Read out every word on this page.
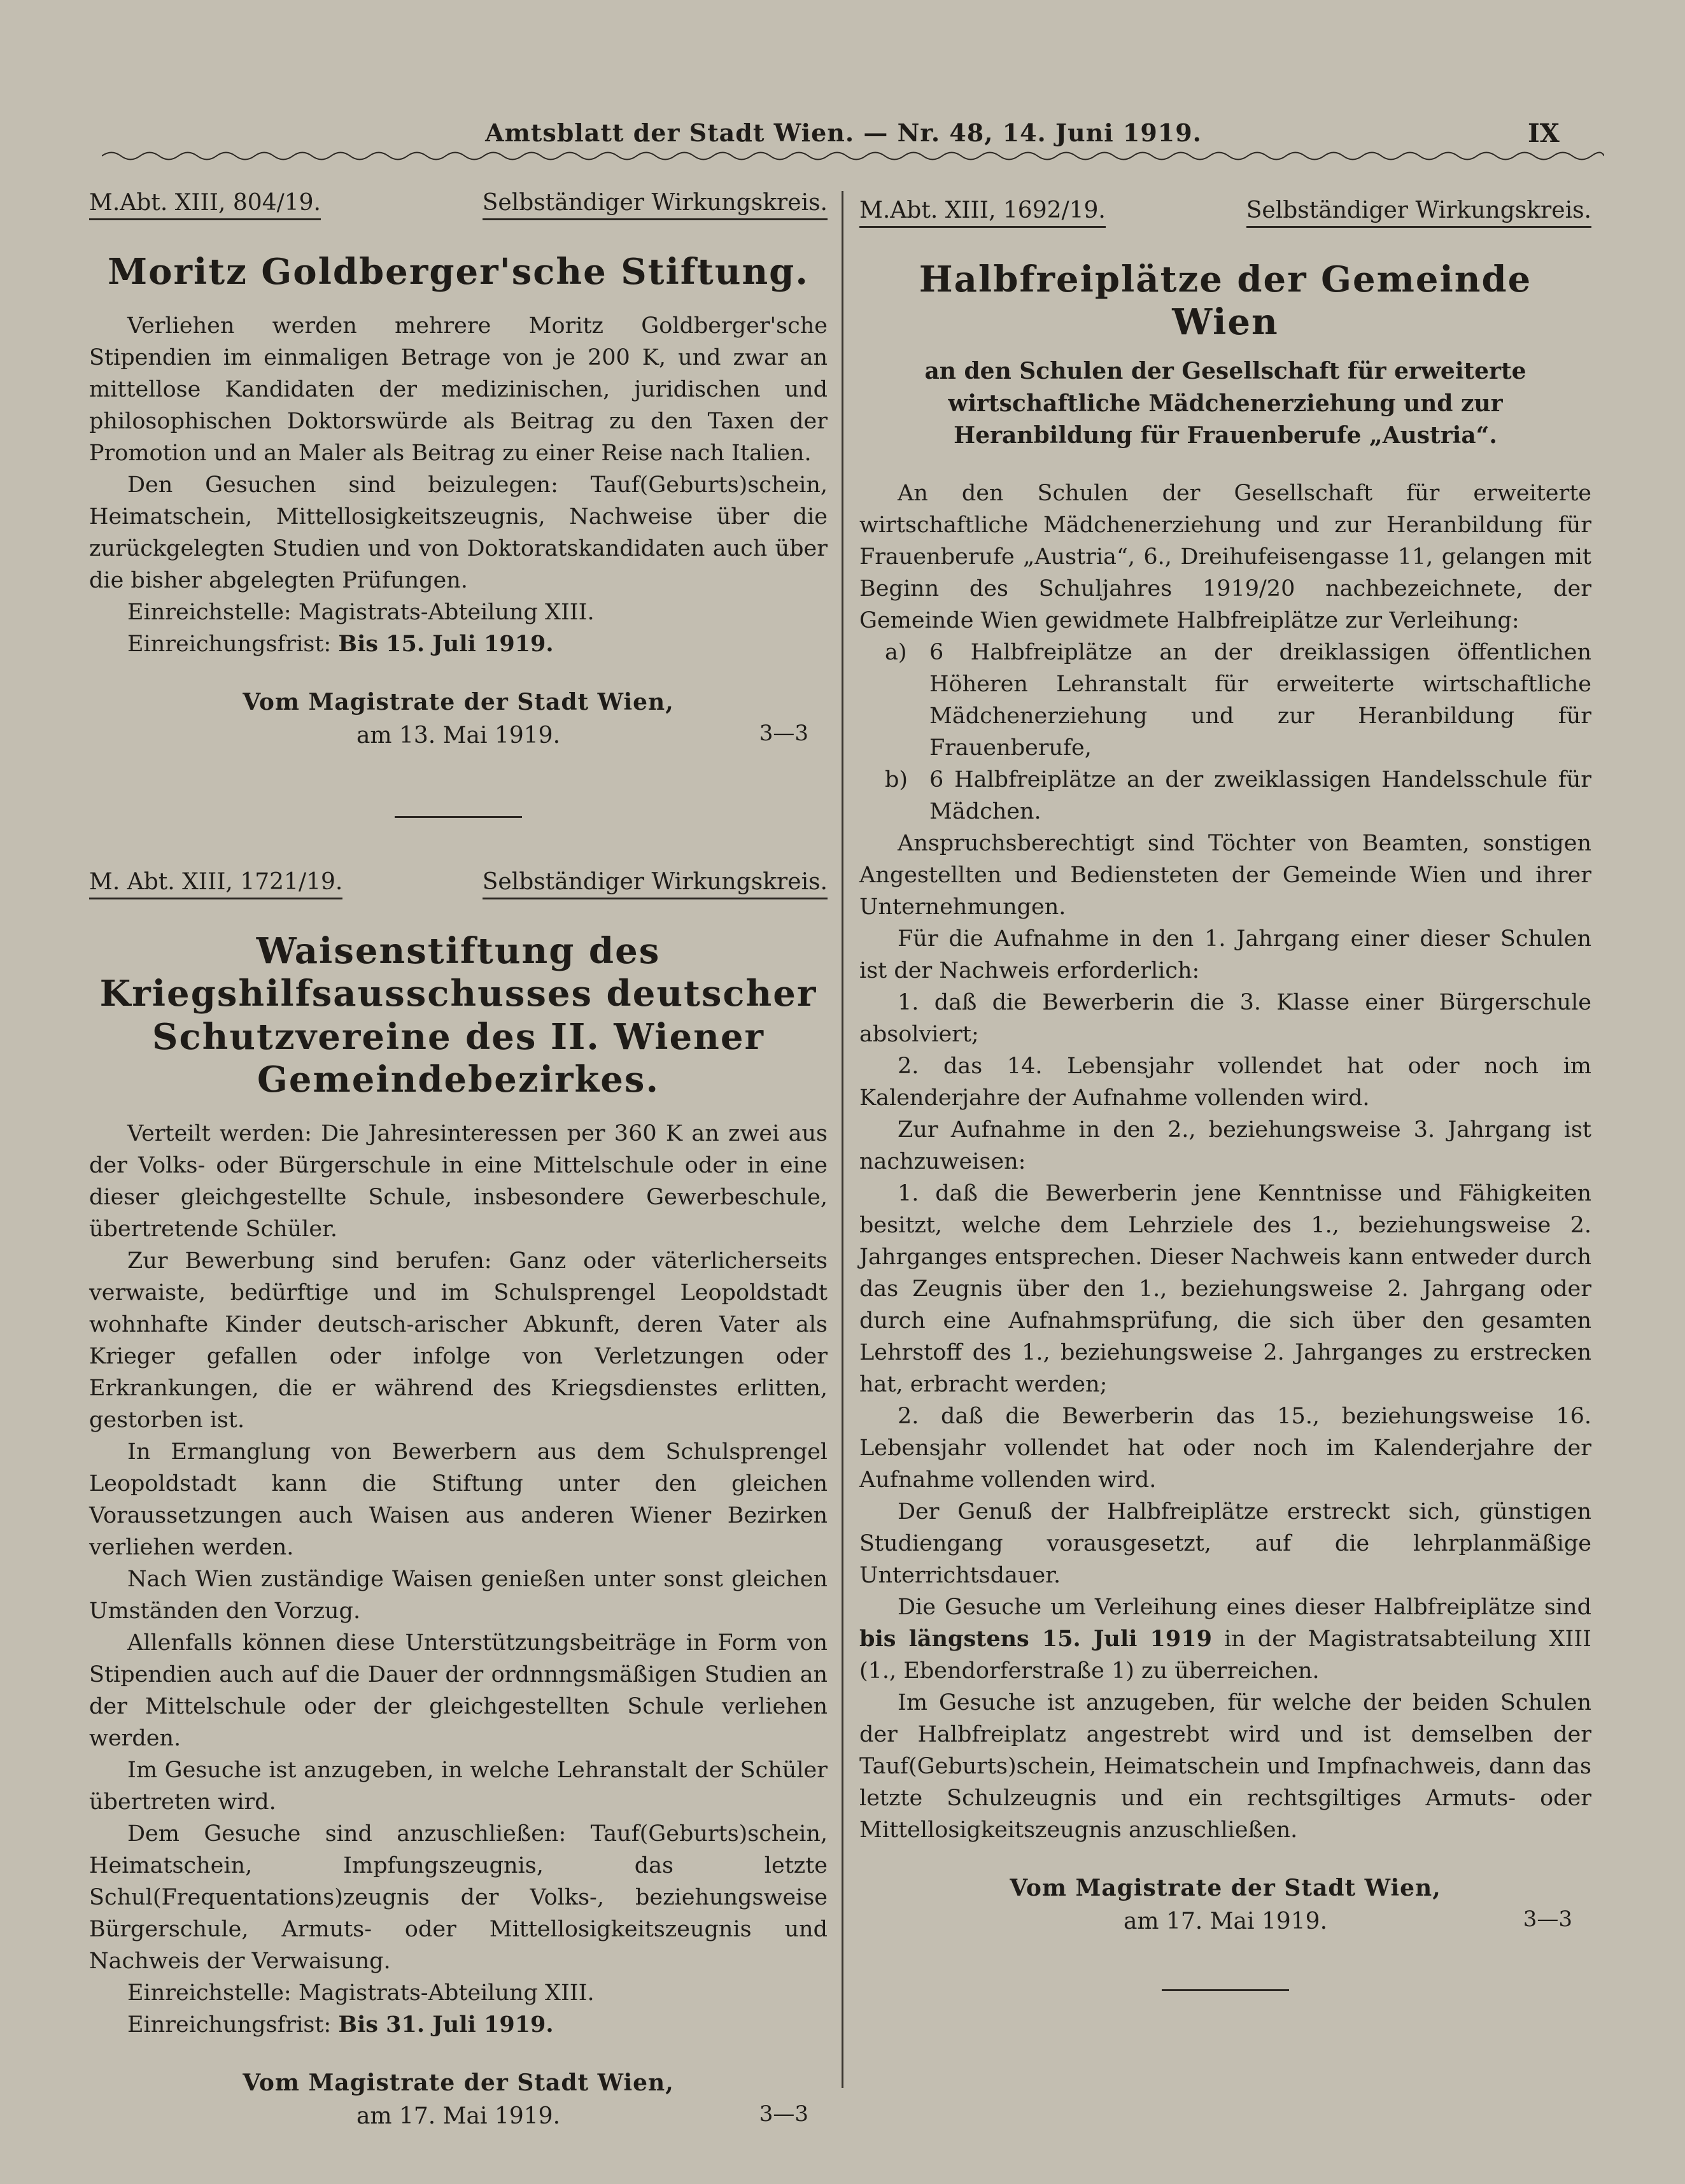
Amtsblatt der Stadt Wien. — Nr. 48, 14. Juni 1919.	IX
M.Abt. XIII, 804/19.	Selbständiger Wirkungskreis.
Moritz Goldberger'sche Stiftung.

Verliehen werden mehrere Moritz Goldberger'sche Stipendien im einmaligen Betrage von je 200 K, und zwar an mittellose Kandidaten der medizinischen, juridischen und philosophischen Doktorswürde als Beitrag zu den Taxen der Promotion und an Maler als Beitrag zu einer Reise nach Italien.

Den Gesuchen sind beizulegen: Tauf(Geburts)schein, Heimatschein, Mittellosigkeitszeugnis, Nachweise über die zurückgelegten Studien und von Doktoratskandidaten auch über die bisher abgelegten Prüfungen.

Einreichstelle: Magistrats-Abteilung XIII.

Einreichungsfrist: Bis 15. Juli 1919.

Vom Magistrate der Stadt Wien,
am 13. Mai 1919.	3—3
M. Abt. XIII, 1721/19.	Selbständiger Wirkungskreis.
Waisenstiftung des Kriegshilfsausschusses deutscher Schutzvereine des II. Wiener Gemeindebezirkes.

Verteilt werden: Die Jahresinteressen per 360 K an zwei aus der Volks- oder Bürgerschule in eine Mittelschule oder in eine dieser gleichgestellte Schule, insbesondere Gewerbeschule, übertretende Schüler.

Zur Bewerbung sind berufen: Ganz oder väterlicherseits verwaiste, bedürftige und im Schulsprengel Leopoldstadt wohnhafte Kinder deutsch-arischer Abkunft, deren Vater als Krieger gefallen oder infolge von Verletzungen oder Erkrankungen, die er während des Kriegsdienstes erlitten, gestorben ist.

In Ermanglung von Bewerbern aus dem Schulsprengel Leopoldstadt kann die Stiftung unter den gleichen Voraussetzungen auch Waisen aus anderen Wiener Bezirken verliehen werden.

Nach Wien zuständige Waisen genießen unter sonst gleichen Umständen den Vorzug.

Allenfalls können diese Unterstützungsbeiträge in Form von Stipendien auch auf die Dauer der ordnnngsmäßigen Studien an der Mittelschule oder der gleichgestellten Schule verliehen werden.

Im Gesuche ist anzugeben, in welche Lehranstalt der Schüler übertreten wird.

Dem Gesuche sind anzuschließen: Tauf(Geburts)schein, Heimatschein, Impfungszeugnis, das letzte Schul(Frequentations)zeugnis der Volks-, beziehungsweise Bürgerschule, Armuts- oder Mittellosigkeitszeugnis und Nachweis der Verwaisung.

Einreichstelle: Magistrats-Abteilung XIII.

Einreichungsfrist: Bis 31. Juli 1919.

Vom Magistrate der Stadt Wien,
am 17. Mai 1919.	3—3
M.Abt. XIII, 1692/19.	Selbständiger Wirkungskreis.
Halbfreiplätze der Gemeinde Wien
an den Schulen der Gesellschaft für erweiterte wirtschaftliche Mädchenerziehung und zur Heranbildung für Frauenberufe „Austria“.

An den Schulen der Gesellschaft für erweiterte wirtschaftliche Mädchenerziehung und zur Heranbildung für Frauenberufe „Austria“, 6., Dreihufeisengasse 11, gelangen mit Beginn des Schuljahres 1919/20 nachbezeichnete, der Gemeinde Wien gewidmete Halbfreiplätze zur Verleihung:

a) 6 Halbfreiplätze an der dreiklassigen öffentlichen Höheren Lehranstalt für erweiterte wirtschaftliche Mädchenerziehung und zur Heranbildung für Frauenberufe,

b) 6 Halbfreiplätze an der zweiklassigen Handelsschule für Mädchen.

Anspruchsberechtigt sind Töchter von Beamten, sonstigen Angestellten und Bediensteten der Gemeinde Wien und ihrer Unternehmungen.

Für die Aufnahme in den 1. Jahrgang einer dieser Schulen ist der Nachweis erforderlich:

1. daß die Bewerberin die 3. Klasse einer Bürgerschule absolviert;

2. das 14. Lebensjahr vollendet hat oder noch im Kalenderjahre der Aufnahme vollenden wird.

Zur Aufnahme in den 2., beziehungsweise 3. Jahrgang ist nachzuweisen:

1. daß die Bewerberin jene Kenntnisse und Fähigkeiten besitzt, welche dem Lehrziele des 1., beziehungsweise 2. Jahrganges entsprechen. Dieser Nachweis kann entweder durch das Zeugnis über den 1., beziehungsweise 2. Jahrgang oder durch eine Aufnahmsprüfung, die sich über den gesamten Lehrstoff des 1., beziehungsweise 2. Jahrganges zu erstrecken hat, erbracht werden;

2. daß die Bewerberin das 15., beziehungsweise 16. Lebensjahr vollendet hat oder noch im Kalenderjahre der Aufnahme vollenden wird.

Der Genuß der Halbfreiplätze erstreckt sich, günstigen Studiengang vorausgesetzt, auf die lehrplanmäßige Unterrichtsdauer.

Die Gesuche um Verleihung eines dieser Halbfreiplätze sind bis längstens 15. Juli 1919 in der Magistratsabteilung XIII (1., Ebendorferstraße 1) zu überreichen.

Im Gesuche ist anzugeben, für welche der beiden Schulen der Halbfreiplatz angestrebt wird und ist demselben der Tauf(Geburts)schein, Heimatschein und Impfnachweis, dann das letzte Schulzeugnis und ein rechtsgiltiges Armuts- oder Mittellosigkeitszeugnis anzuschließen.

Vom Magistrate der Stadt Wien,
am 17. Mai 1919.	3—3
